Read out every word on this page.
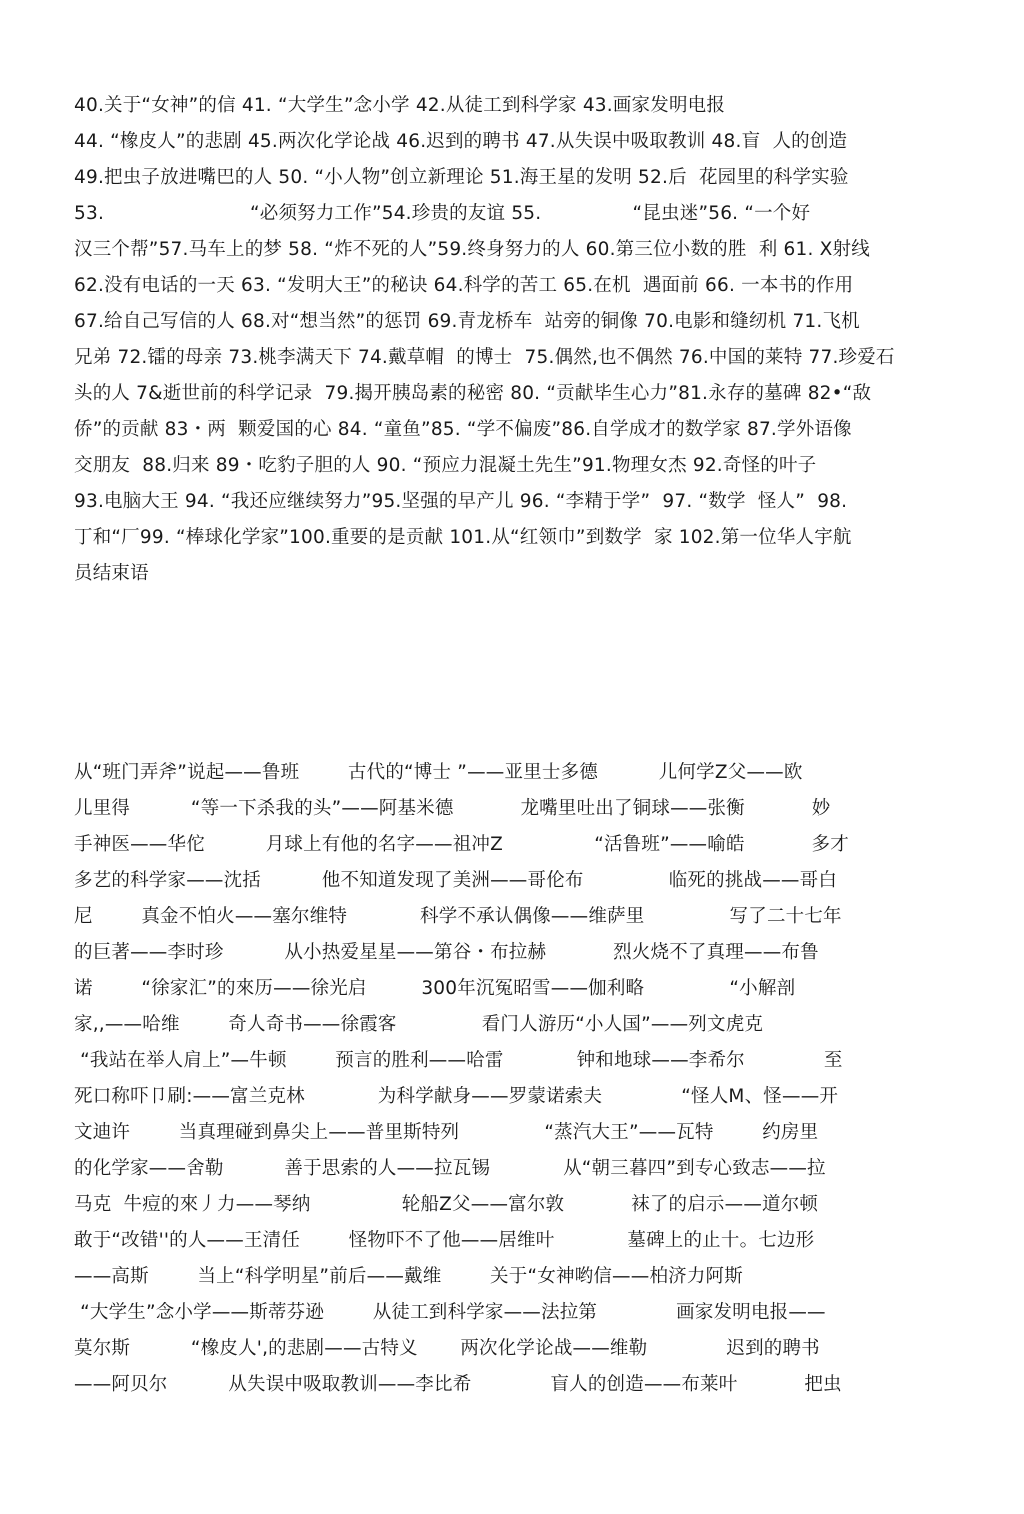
40.关于“女神”的信 41. “大学生”念小学 42.从徒工到科学家 43.画家发明电报
44. “橡皮人”的悲剧 45.两次化学论战 46.迟到的聘书 47.从失误中吸取教训 48.盲  人的创造
49.把虫子放进嘴巴的人 50. “小人物”创立新理论 51.海王星的发明 52.后  花园里的科学实验
53.                        “必须努力工作”54.珍贵的友谊 55.               “昆虫迷”56. “一个好
汉三个帮”57.马车上的梦 58. “炸不死的人”59.终身努力的人 60.第三位小数的胜  利 61. X射线
62.没有电话的一天 63. “发明大王”的秘诀 64.科学的苦工 65.在机  遇面前 66. 一本书的作用
67.给自己写信的人 68.对“想当然”的惩罚 69.青龙桥车  站旁的铜像 70.电影和缝纫机 71.飞机
兄弟 72.镭的母亲 73.桃李满天下 74.戴草帽  的博士  75.偶然,也不偶然 76.中国的莱特 77.珍爱石
头的人 7&逝世前的科学记录  79.揭开胰岛素的秘密 80. “贡献毕生心力”81.永存的墓碑 82•“敌
侨”的贡献 83・两  颗爱国的心 84. “童鱼”85. “学不偏废”86.自学成才的数学家 87.学外语像
交朋友  88.归来 89・吃豹子胆的人 90. “预应力混凝土先生”91.物理女杰 92.奇怪的叶子
93.电脑大王 94. “我还应继续努力”95.坚强的早产儿 96. “李精于学”  97. “数学  怪人”  98.
丁和“厂99. “棒球化学家”100.重要的是贡献 101.从“红领巾”到数学  家 102.第一位华人宇航
员结束语
从“班门弄斧”说起——鲁班        古代的“博士 ”——亚里士多德          儿何学Z父——欧
儿里得          “等一下杀我的头”——阿基米德           龙嘴里吐出了铜球——张衡           妙
手神医——华佗          月球上有他的名字——祖冲Z               “活鲁班”——喻皓           多才
多艺的科学家——沈括          他不知道发现了美洲——哥伦布              临死的挑战——哥白
尼        真金不怕火——塞尔维特            科学不承认偶像——维萨里              写了二十七年
的巨著——李时珍          从小热爱星星——第谷・布拉赫           烈火烧不了真理——布鲁
诺        “徐家汇”的來历——徐光启         300年沉冤昭雪——伽利略              “小解剖
家,,——哈维        奇人奇书——徐霞客              看门人游历“小人国”——列文虎克
“我站在举人肩上”—牛顿        预言的胜利——哈雷            钟和地球——李希尔             至
死口称吓卩刷:——富兰克林            为科学献身——罗蒙诺索夫             “怪人M、怪——开
文迪许        当真理碰到鼻尖上——普里斯特列              “蒸汽大王”——瓦特        约房里
的化学家——舍勒          善于思索的人——拉瓦锡            从“朝三暮四”到专心致志——拉
马克  牛痘的來丿力——琴纳               轮船Z父——富尔敦           袜了的启示——道尔顿
敢于“改错''的人——王清任        怪物吓不了他——居维叶            墓碑上的止十。七边形
——高斯        当上“科学明星”前后——戴维        关于“女神哟信——柏济力阿斯
“大学生”念小学——斯蒂芬逊        从徒工到科学家——法拉第             画家发明电报——
莫尔斯          “橡皮人',的悲剧——古特义       两次化学论战——维勒             迟到的聘书
——阿贝尔          从失误中吸取教训——李比希             盲人的创造——布莱叶           把虫
